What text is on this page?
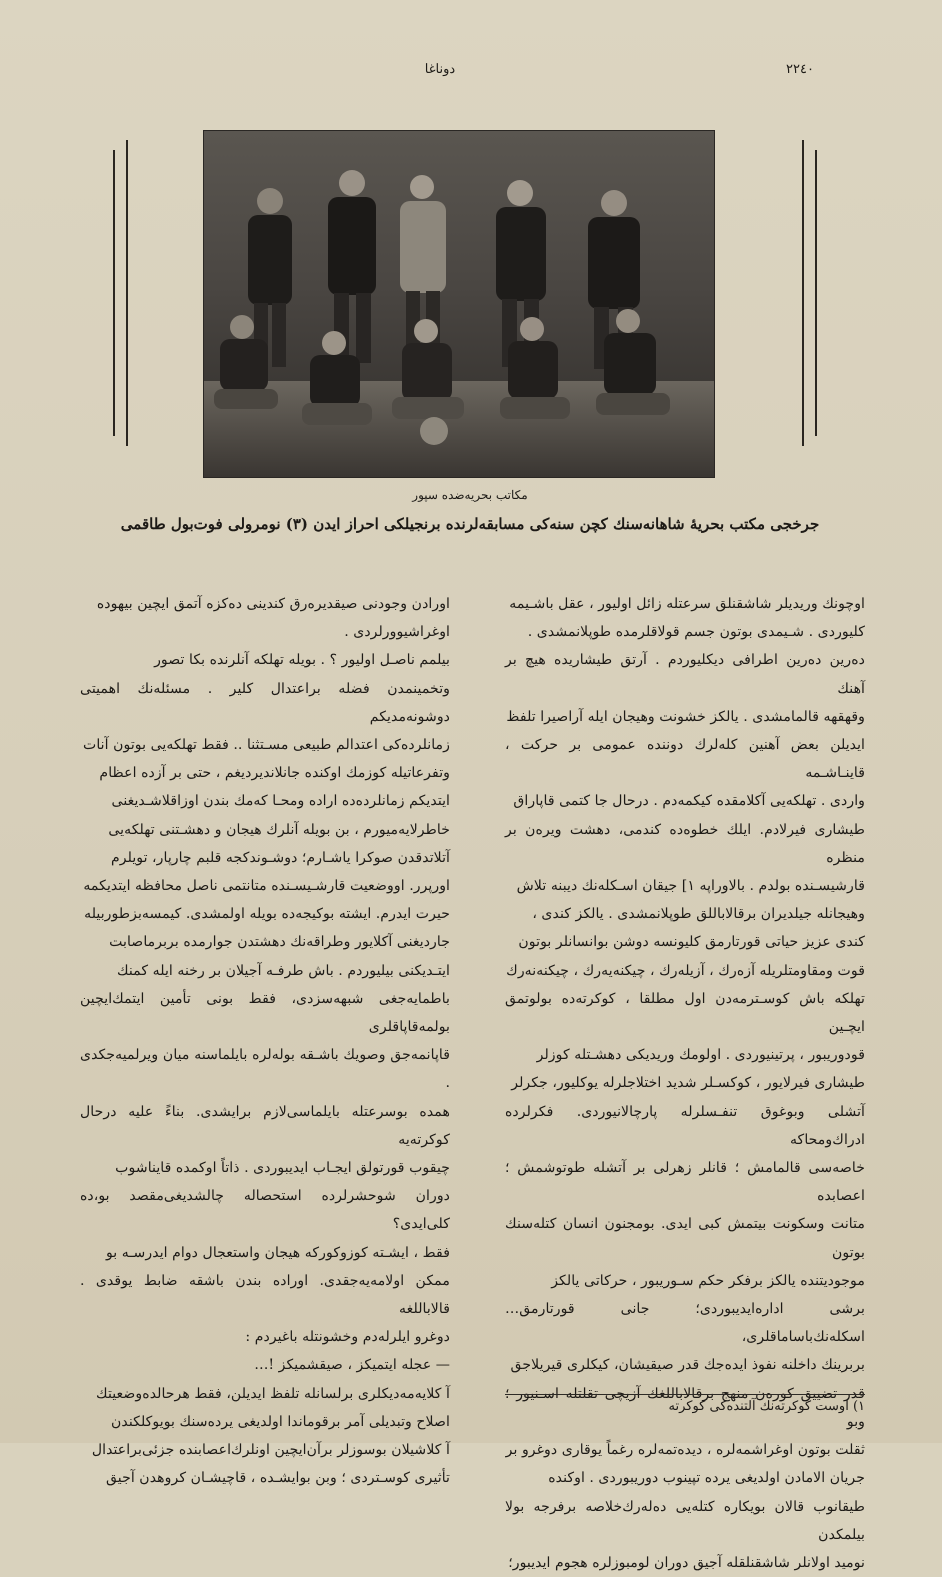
دوناغا	٢٢٤٠
مکاتب بحریه‌ضده سپور
جرخجی مکتب بحریهٔ شاهانه‌سنك کچن سنه‌کی مسابقه‌لرنده برنجیلکی احراز ایدن (٣) نومرولی فوت‌بول طاقمی

اوچونك وریدیلر شاشقنلق سرعتله زائل اولیور ، عقل باشـیمه

کلیوردی . شـیمدی بوتون جسم قولاقلرمده طوپلانمشدی .

دەرین دەرین اطرافی دیکلیوردم . آرتق طیشاریده هیچ‌ بر آهنك

وقهقهه قالمامشدی . یالکز خشونت وهیجان ایله آراصیرا تلفظ

ایدیلن بعض آهنین کلەلرك دوننده عمومی بر حرکت ، قاینـاشـمه

واردی . تهلکەیی آکلامقده کیکمەدم . درحال جا کتمی قاپاراق

طیشاری فیرلادم. ایلك خطوەده کندمی، دهشت ویرەن بر منظره

قارشیسـنده بولدم . بالاوراپه ١] جیقان اسـکله‌نك دیبنه تلاش

وهیجانله جیلدیران برقالاباللق طوپلانمشدی . یالکز کندی ،

کندی عزیز حیاتی قورتارمق کلیونسه دوشن بوانسانلر بوتون

قوت ومقاومتلریله آزەرك ، آزیلەرك ، چیکنەیەرك ، چیکنەنەرك

تهلکه باش کوسـترمەدن اول مطلقا ، کوکرتەده بولوتمق ایچـین

قودوریبور ، پرتینیوردی . اولومك وریدیکی دهشـتله کوزلر

طیشاری فیرلایور ، کوکسـلر شدید اختلاجلرله یوکلیور، جکرلر

آتشلی وبوغوق تنفـسلرله پارچالانیوردی. فکرلرده ادراك‌ومحاکه

خاصەسی قالمامش ؛ قانلر زهرلی بر آتشله طوتوشمش ؛ اعصابده

متانت وسکونت بیتمش کبی ایدی. بومجنون انسان کتله‌سنك بوتون

موجودیتنده یالکز برفکر حکم سـوریبور ، حرکاتی یالکز

برشی اداره‌ایدیبوردی؛ جانی قورتارمق… اسکله‌نك‌باساماقلری،

بربرینك داخلنه نفوذ ایده‌جك قدر صیقیشان، کیکلری قیریلاجق

قدر تضییق کورەن منهج برقالاباللغك آزیچی تقلتله اسـنیور ؛ وبو

ثقلت بوتون اوغراشمەلره ، دیدەتمەلره رغماً یوقاری دوغرو بر

جریان الامادن اولدیغی یرده تپینوب دوریبوردی . اوکنده

طیقانوب قالان بویکاره کتلەیی دەلەرك‌خلاصه برفرجه بولا بیلمکدن

نومید اولانلر شاشقنلقله آجیق دوران لومبوزلره هجوم ایدیبور؛

اورادن وجودنی صیقدیرەرق کندینی دەکزه آتمق ایچین بیهوده

اوغراشیوورلردی .

بیلمم ناصـل اولیور ؟ . بویله تهلکه آنلرنده بکا تصور

وتخمینمدن فضله براعتدال کلیر . مسئلەنك اهمیتی دوشونەمدیکم

زمانلردەکی اعتدالم طبیعی مسـتثنا .. فقط تهلکەیی بوتون آنات

وتفرعاتیله کوزمك اوکنده جانلاندیردیغم ، حتی بر آزده اعظام

ایتدیکم زمانلردەده اراده ومحـا کەمك بندن اوزاقلاشـدیغنی

خاطرلایەمیورم ، بن بویله آنلرك هیجان و دهشـتنی تهلکەیی

آتلاتدقدن صوکرا یاشـارم؛ دوشـوندکجه قلبم چارپار، تویلرم

اورپرر. اووضعیت قارشـیسـنده متانتمی ناصل محافظه ایتدیکمه

حیرت ایدرم. ایشته بوکیجەده بویله اولمشدی. کیمسه‌بزطوربیله

جاردیغنی آکلایور وطراقەنك دهشتدن جوارمده بربرماصابت

ایتـدیکنی بیلیوردم . باش طرفـه آجیلان بر رخنه ایله کمنك

باطمایه‌جغی شبهەسزدی، فقط بونی تأمین ایتمك‌ایچین بولمەقاپاقلری

قاپانمەجق وصویك باشـقه بولەلره بایلماسنه میان ویرلمیەجکدی .

همده بوسرعتله بایلماسی‌لازم برایشدی. بناءً علیه درحال کوکرتەیه

چیقوب قورتولق ایجـاب ایدیبوردی . ذاتاً اوکمده قایناشوب

دوران شوحشرلرده استحصاله چالشدیغی‌مقصد بو،ده کلی‌ایدی؟

فقط ، ایشـته کوزوکورکە هیجان واستعجال دوام ایدرسـه بو

ممکن اولامەیه‌جقدی. اوراده بندن باشقه ضابط یوقدی . قالاباللغه

دوغرو ایلرلەدم وخشونتله باغیردم :

— عجله ایتمیکز ، صیقشمیکز !…

آ کلایەمەدیکلری برلسانله تلفظ ایدیلن، فقط هرحالدەوضعیتك

اصلاح وتبدیلی آمر برقوماندا اولدیغی یرده‌سنك بویوکلکندن

آ کلاشیلان بوسوزلر برآن‌ایچین اونلرك‌اعصابنده جزئی‌براعتدال

تأثیری کوسـتردی ؛ وبن بوایشـده ، قاچیشـان کروهدن آجیق

١) اوست کوکرتەنك آلتندەکی کوکرته
